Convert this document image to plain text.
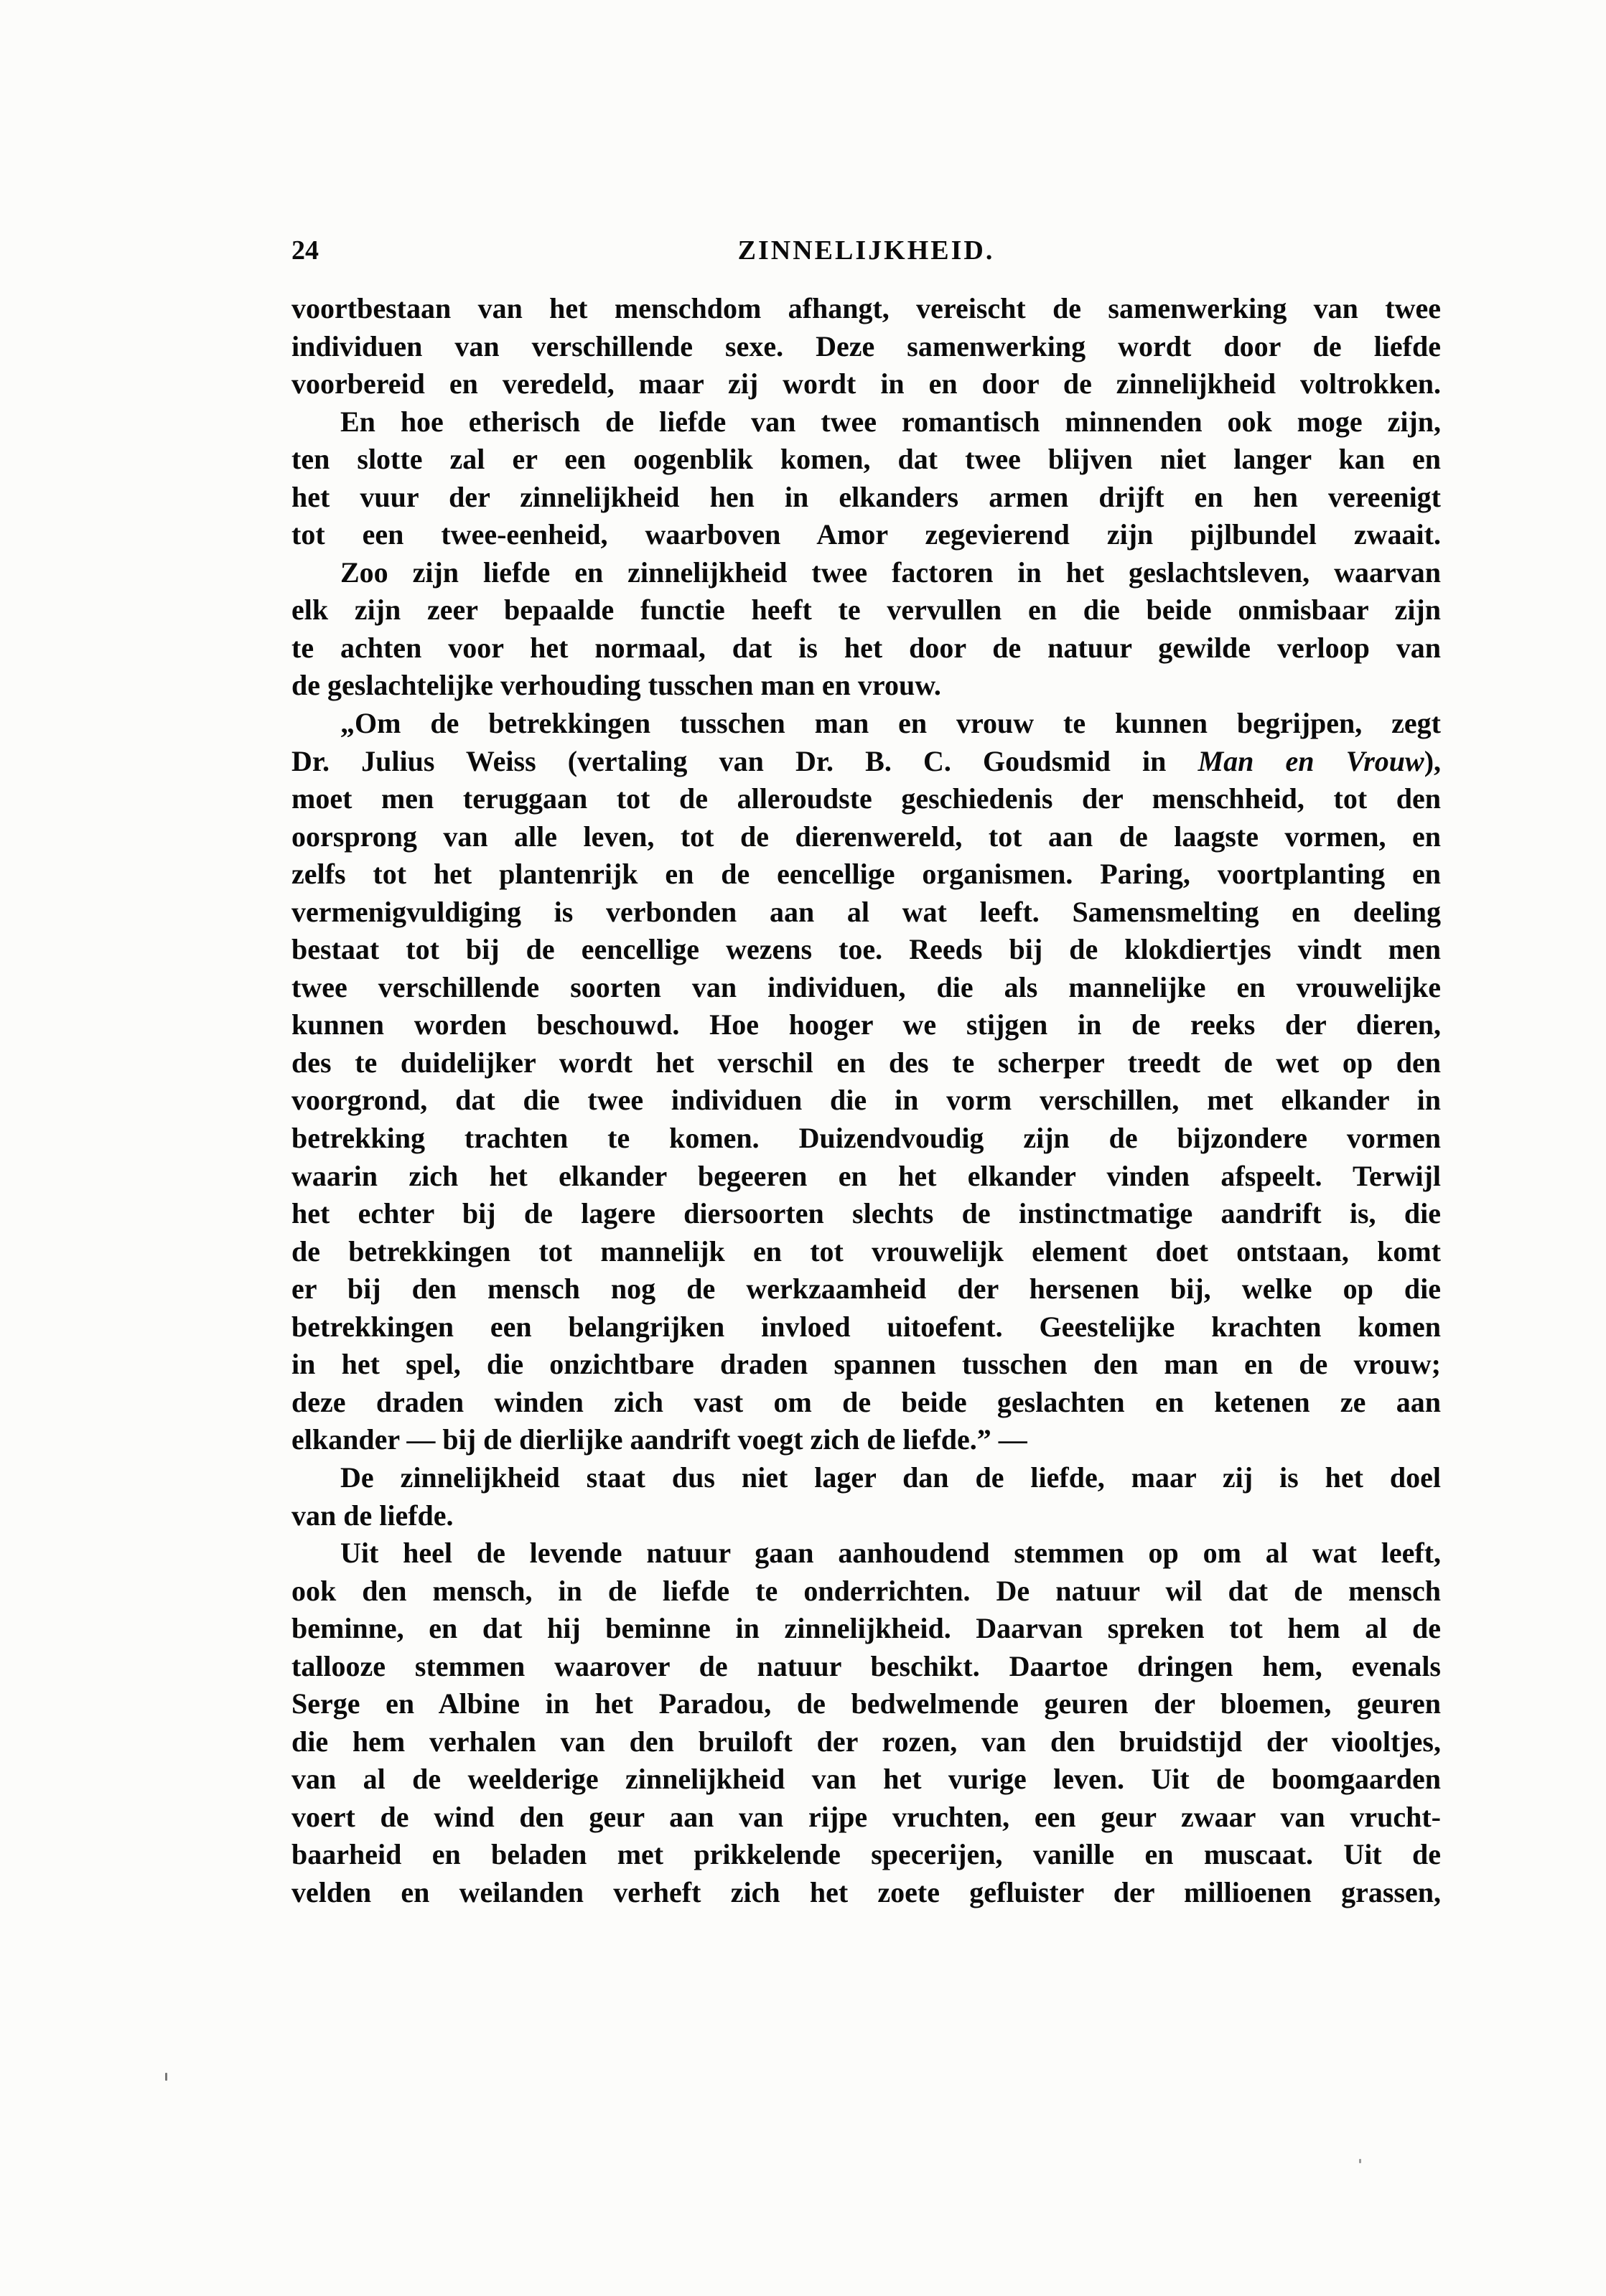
24	ZINNELIJKHEID.
voortbestaan van het menschdom afhangt, vereischt de samenwerking van twee
individuen van verschillende sexe. Deze samenwerking wordt door de liefde
voorbereid en veredeld, maar zij wordt in en door de zinnelijkheid voltrokken.
En hoe etherisch de liefde van twee romantisch minnenden ook moge zijn,
ten slotte zal er een oogenblik komen, dat twee blijven niet langer kan en
het vuur der zinnelijkheid hen in elkanders armen drijft en hen vereenigt
tot een twee-eenheid, waarboven Amor zegevierend zijn pijlbundel zwaait.
Zoo zijn liefde en zinnelijkheid twee factoren in het geslachtsleven, waarvan
elk zijn zeer bepaalde functie heeft te vervullen en die beide onmisbaar zijn
te achten voor het normaal, dat is het door de natuur gewilde verloop van
de geslachtelijke verhouding tusschen man en vrouw.
„Om de betrekkingen tusschen man en vrouw te kunnen begrijpen, zegt
Dr. Julius Weiss (vertaling van Dr. B. C. Goudsmid in Man en Vrouw),
moet men teruggaan tot de alleroudste geschiedenis der menschheid, tot den
oorsprong van alle leven, tot de dierenwereld, tot aan de laagste vormen, en
zelfs tot het plantenrijk en de eencellige organismen. Paring, voortplanting en
vermenigvuldiging is verbonden aan al wat leeft. Samensmelting en deeling
bestaat tot bij de eencellige wezens toe. Reeds bij de klokdiertjes vindt men
twee verschillende soorten van individuen, die als mannelijke en vrouwelijke
kunnen worden beschouwd. Hoe hooger we stijgen in de reeks der dieren,
des te duidelijker wordt het verschil en des te scherper treedt de wet op den
voorgrond, dat die twee individuen die in vorm verschillen, met elkander in
betrekking trachten te komen. Duizendvoudig zijn de bijzondere vormen
waarin zich het elkander begeeren en het elkander vinden afspeelt. Terwijl
het echter bij de lagere diersoorten slechts de instinctmatige aandrift is, die
de betrekkingen tot mannelijk en tot vrouwelijk element doet ontstaan, komt
er bij den mensch nog de werkzaamheid der hersenen bij, welke op die
betrekkingen een belangrijken invloed uitoefent. Geestelijke krachten komen
in het spel, die onzichtbare draden spannen tusschen den man en de vrouw;
deze draden winden zich vast om de beide geslachten en ketenen ze aan
elkander — bij de dierlijke aandrift voegt zich de liefde.” —
De zinnelijkheid staat dus niet lager dan de liefde, maar zij is het doel
van de liefde.
Uit heel de levende natuur gaan aanhoudend stemmen op om al wat leeft,
ook den mensch, in de liefde te onderrichten. De natuur wil dat de mensch
beminne, en dat hij beminne in zinnelijkheid. Daarvan spreken tot hem al de
tallooze stemmen waarover de natuur beschikt. Daartoe dringen hem, evenals
Serge en Albine in het Paradou, de bedwelmende geuren der bloemen, geuren
die hem verhalen van den bruiloft der rozen, van den bruidstijd der viooltjes,
van al de weelderige zinnelijkheid van het vurige leven. Uit de boomgaarden
voert de wind den geur aan van rijpe vruchten, een geur zwaar van vrucht-
baarheid en beladen met prikkelende specerijen, vanille en muscaat. Uit de
velden en weilanden verheft zich het zoete gefluister der millioenen grassen,
